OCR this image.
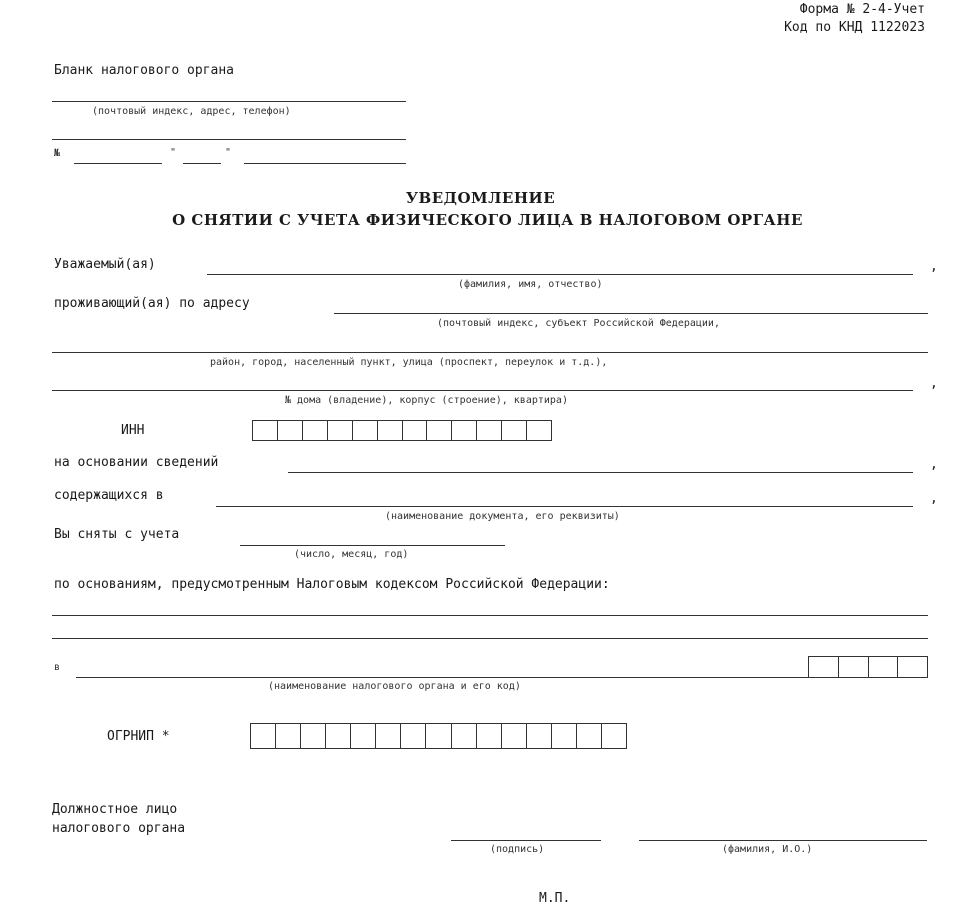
Форма № 2-4-Учет
Код по КНД 1122023
Бланк налогового органа
(почтовый индекс, адрес, телефон)
№	"	"
УВЕДОМЛЕНИЕ
О СНЯТИИ С УЧЕТА ФИЗИЧЕСКОГО ЛИЦА В НАЛОГОВОМ ОРГАНЕ
Уважаемый(ая)	,
(фамилия, имя, отчество)
проживающий(ая) по адресу
(почтовый индекс, субъект Российской Федерации,
район, город, населенный пункт, улица (проспект, переулок и т.д.),
,
№ дома (владение), корпус (строение), квартира)
ИНН
на основании сведений	,
содержащихся в	,
(наименование документа, его реквизиты)
Вы сняты с учета
(число, месяц, год)
по основаниям, предусмотренным Налоговым кодексом Российской Федерации:
в
(наименование налогового органа и его код)
ОГРНИП *
Должностное лицо
налогового органа
(подпись)	(фамилия, И.О.)
М.П.
